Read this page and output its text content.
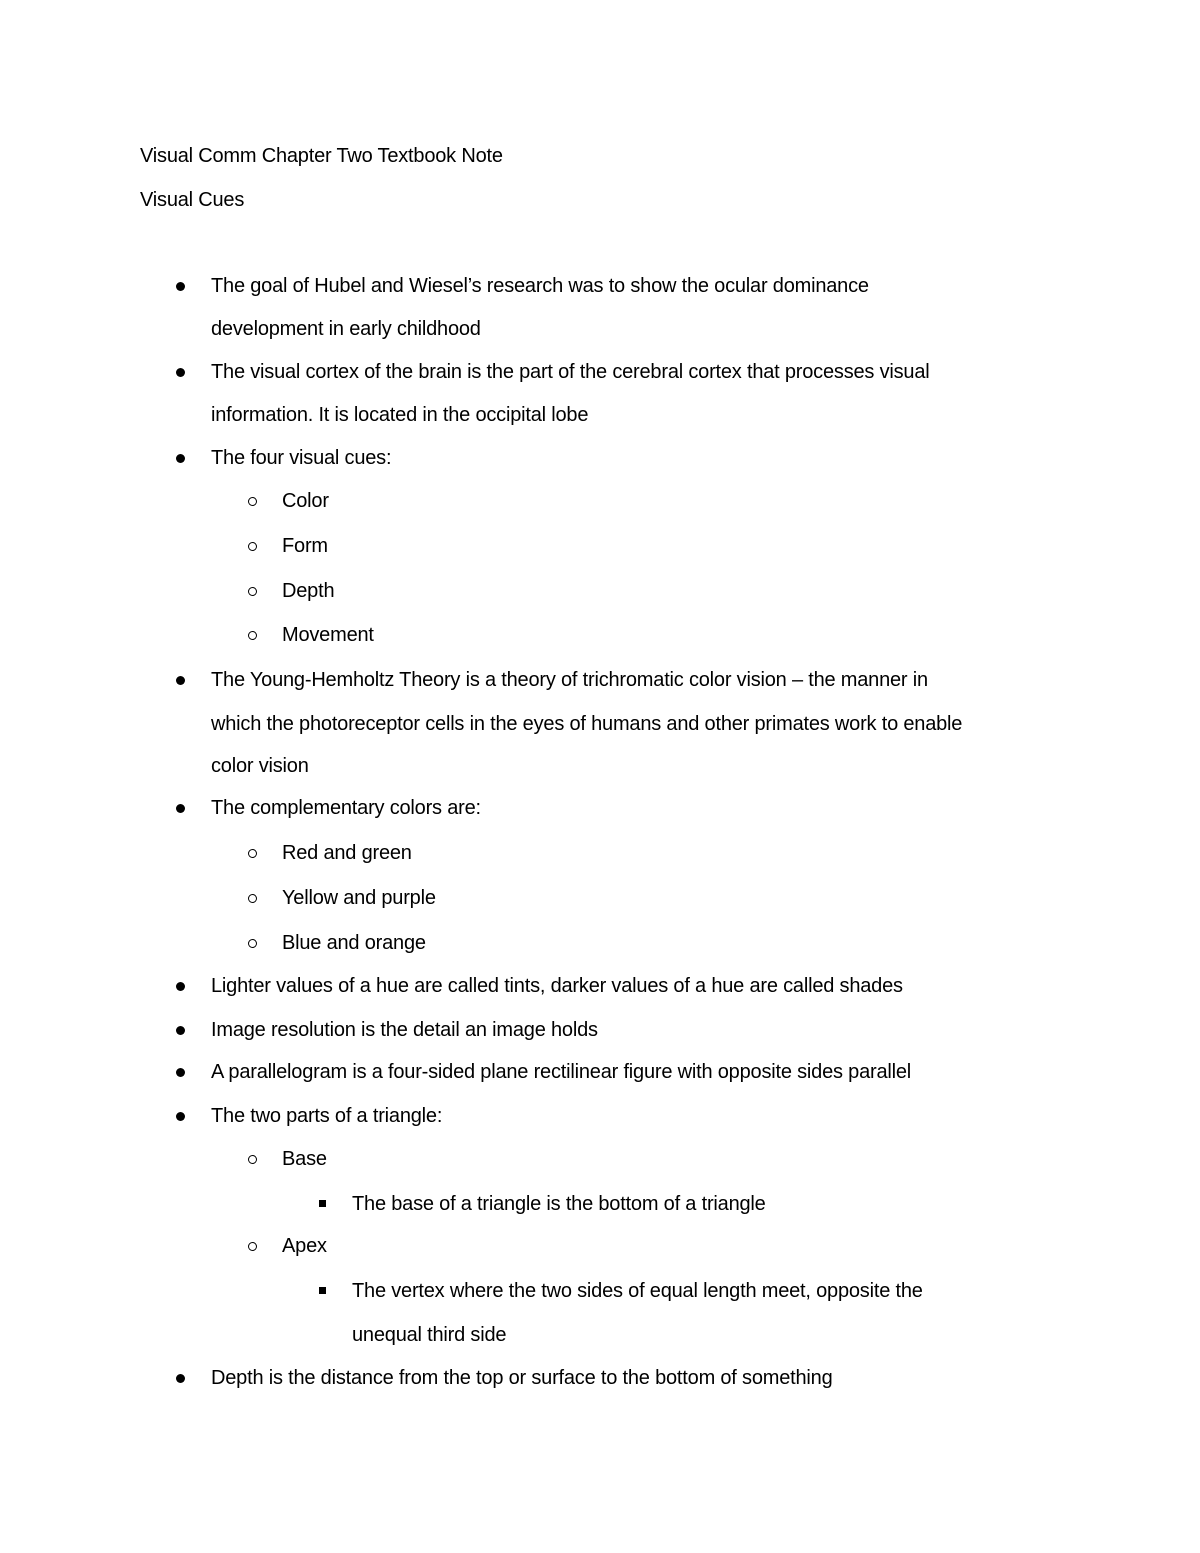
Visual Comm Chapter Two Textbook Note
Visual Cues
The goal of Hubel and Wiesel’s research was to show the ocular dominance
development in early childhood
The visual cortex of the brain is the part of the cerebral cortex that processes visual
information. It is located in the occipital lobe
The four visual cues:
Color
Form
Depth
Movement
The Young-Hemholtz Theory is a theory of trichromatic color vision – the manner in
which the photoreceptor cells in the eyes of humans and other primates work to enable
color vision
The complementary colors are:
Red and green
Yellow and purple
Blue and orange
Lighter values of a hue are called tints, darker values of a hue are called shades
Image resolution is the detail an image holds
A parallelogram is a four-sided plane rectilinear figure with opposite sides parallel
The two parts of a triangle:
Base
The base of a triangle is the bottom of a triangle
Apex
The vertex where the two sides of equal length meet, opposite the
unequal third side
Depth is the distance from the top or surface to the bottom of something
